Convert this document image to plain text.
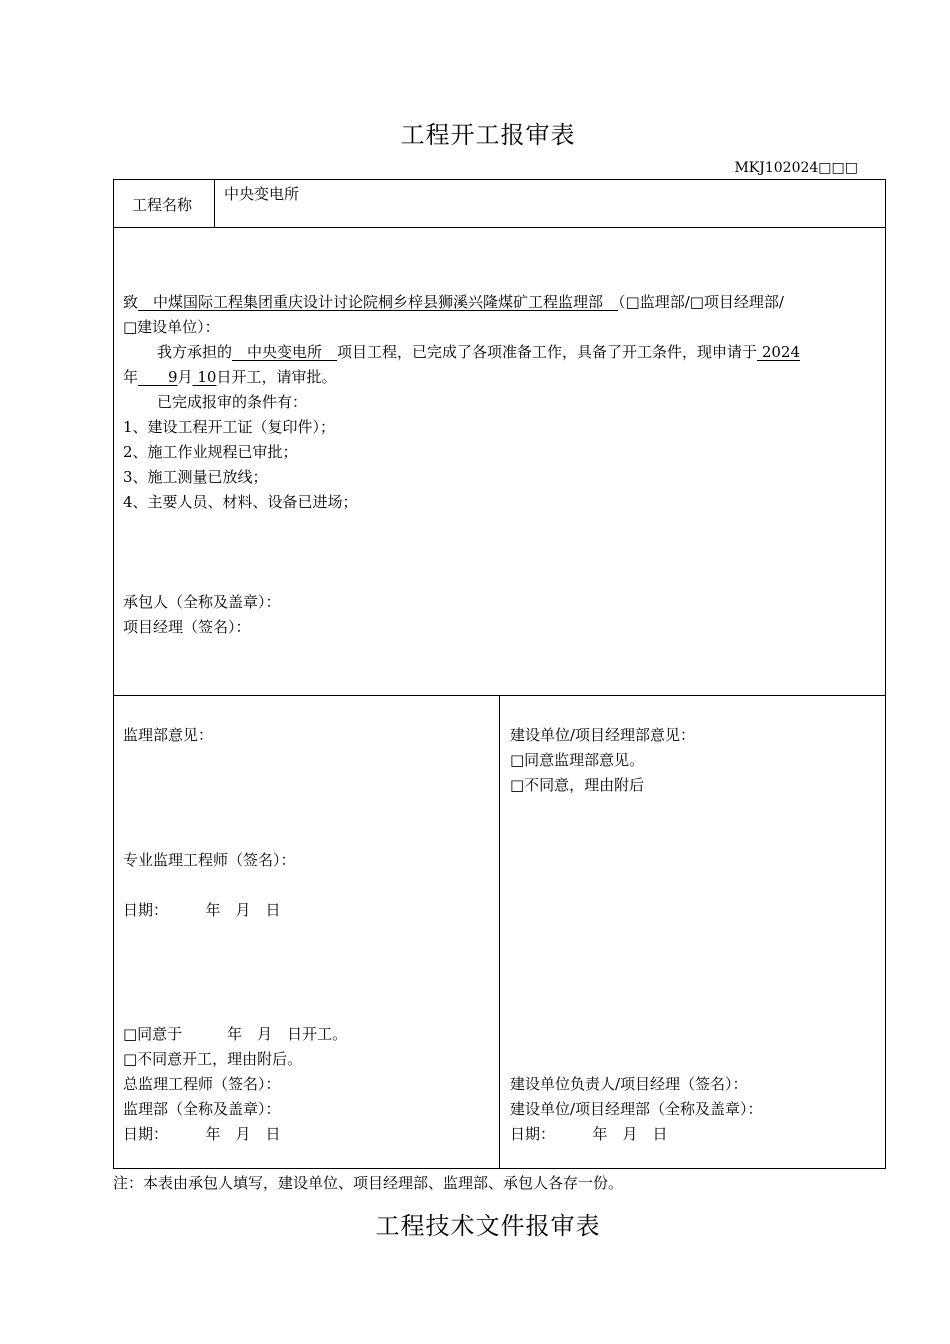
工程开工报审表
MKJ102024□□□
工程名称
中央变电所
致　中煤国际工程集团重庆设计讨论院桐乡梓县狮溪兴隆煤矿工程监理部　（□监理部/□项目经理部/
□建设单位）：
我方承担的　中央变电所　项目工程，已完成了各项准备工作，具备了开工条件，现申请于 2024
年　　9月 10日开工，请审批。
已完成报审的条件有：
1、建设工程开工证（复印件）；
2、施工作业规程已审批；
3、施工测量已放线；
4、主要人员、材料、设备已进场；
承包人（全称及盖章）：
项目经理（签名）：
监理部意见：
专业监理工程师（签名）：
日期：　　　年　月　日
□同意于　　　年　月　日开工。
□不同意开工，理由附后。
总监理工程师（签名）：
监理部（全称及盖章）：
日期：　　　年　月　日
建设单位/项目经理部意见：
□同意监理部意见。
□不同意，理由附后
建设单位负责人/项目经理（签名）：
建设单位/项目经理部（全称及盖章）：
日期：　　　年　月　日
注：本表由承包人填写，建设单位、项目经理部、监理部、承包人各存一份。
工程技术文件报审表
